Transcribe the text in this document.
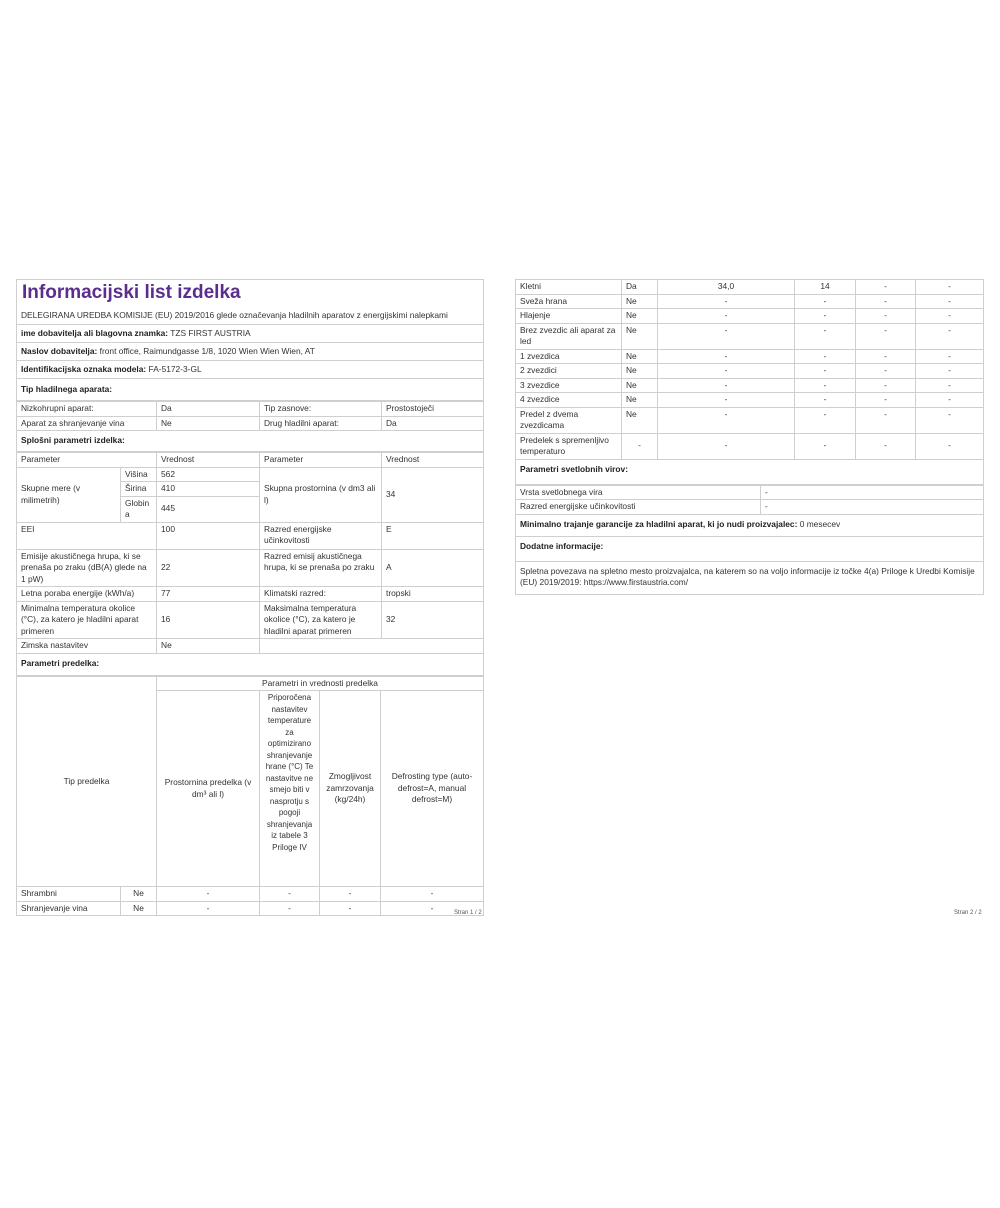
Informacijski list izdelka
DELEGIRANA UREDBA KOMISIJE (EU) 2019/2016 glede označevanja hladilnih aparatov z energijskimi nalepkami
ime dobavitelja ali blagovna znamka: TZS FIRST AUSTRIA
Naslov dobavitelja: front office, Raimundgasse 1/8, 1020 Wien Wien Wien, AT
Identifikacijska oznaka modela: FA-5172-3-GL
Tip hladilnega aparata:
Nizkohrupni aparat:	Da	Tip zasnove:	Prostostoječi
Aparat za shranjevanje vina	Ne	Drug hladilni aparat:	Da
Splošni parametri izdelka:
Parameter		Vrednost	Parameter	Vrednost
Skupne mere (v milimetrih)	Višina	562	Skupna prostornina (v dm3 ali l)	34
	Širina	410		
	Globina	445		
EEI		100	Razred energijske učinkovitosti	E
Emisije akustičnega hrupa, ki se prenaša po zraku (dB(A) glede na 1 pW)		22	Razred emisij akustičnega hrupa, ki se prenaša po zraku	A
Letna poraba energije (kWh/a)		77	Klimatski razred:	tropski
Minimalna temperatura okolice (°C), za katero je hladilni aparat primeren		16	Maksimalna temperatura okolice (°C), za katero je hladilni aparat primeren	32
Zimska nastavitev		Ne		
Parametri predelka:
Tip predelka		Parametri in vrednosti predelka			
		Prostornina predelka (v dm³ ali l)	Priporočena nastavitev temperature za optimizirano shranjevanje hrane (°C) Te nastavitve ne smejo biti v nasprotju s pogoji shranjevanja iz tabele 3 Priloge IV	Zmogljivost zamrzovanja (kg/24h)	Defrosting type (auto-defrost=A, manual defrost=M)
Shrambni	Ne	-	-	-	-
Shranjevanje vina	Ne	-	-	-	-
Stran 1 / 2
Kletni	Da	34,0	14	-	-
Sveža hrana	Ne	-	-	-	-
Hlajenje	Ne	-	-	-	-
Brez zvezdic ali aparat za led	Ne	-	-	-	-
1 zvezdica	Ne	-	-	-	-
2 zvezdici	Ne	-	-	-	-
3 zvezdice	Ne	-	-	-	-
4 zvezdice	Ne	-	-	-	-
Predel z dvema zvezdicama	Ne	-	-	-	-
Predelek s spremenljivo temperaturo	-	-	-	-	-
Parametri svetlobnih virov:
Vrsta svetlobnega vira	-
Razred energijske učinkovitosti	-
Minimalno trajanje garancije za hladilni aparat, ki jo nudi proizvajalec: 0 mesecev
Dodatne informacije:
Spletna povezava na spletno mesto proizvajalca, na katerem so na voljo informacije iz točke 4(a) Priloge k Uredbi Komisije (EU) 2019/2019: https://www.firstaustria.com/
Stran 2 / 2
